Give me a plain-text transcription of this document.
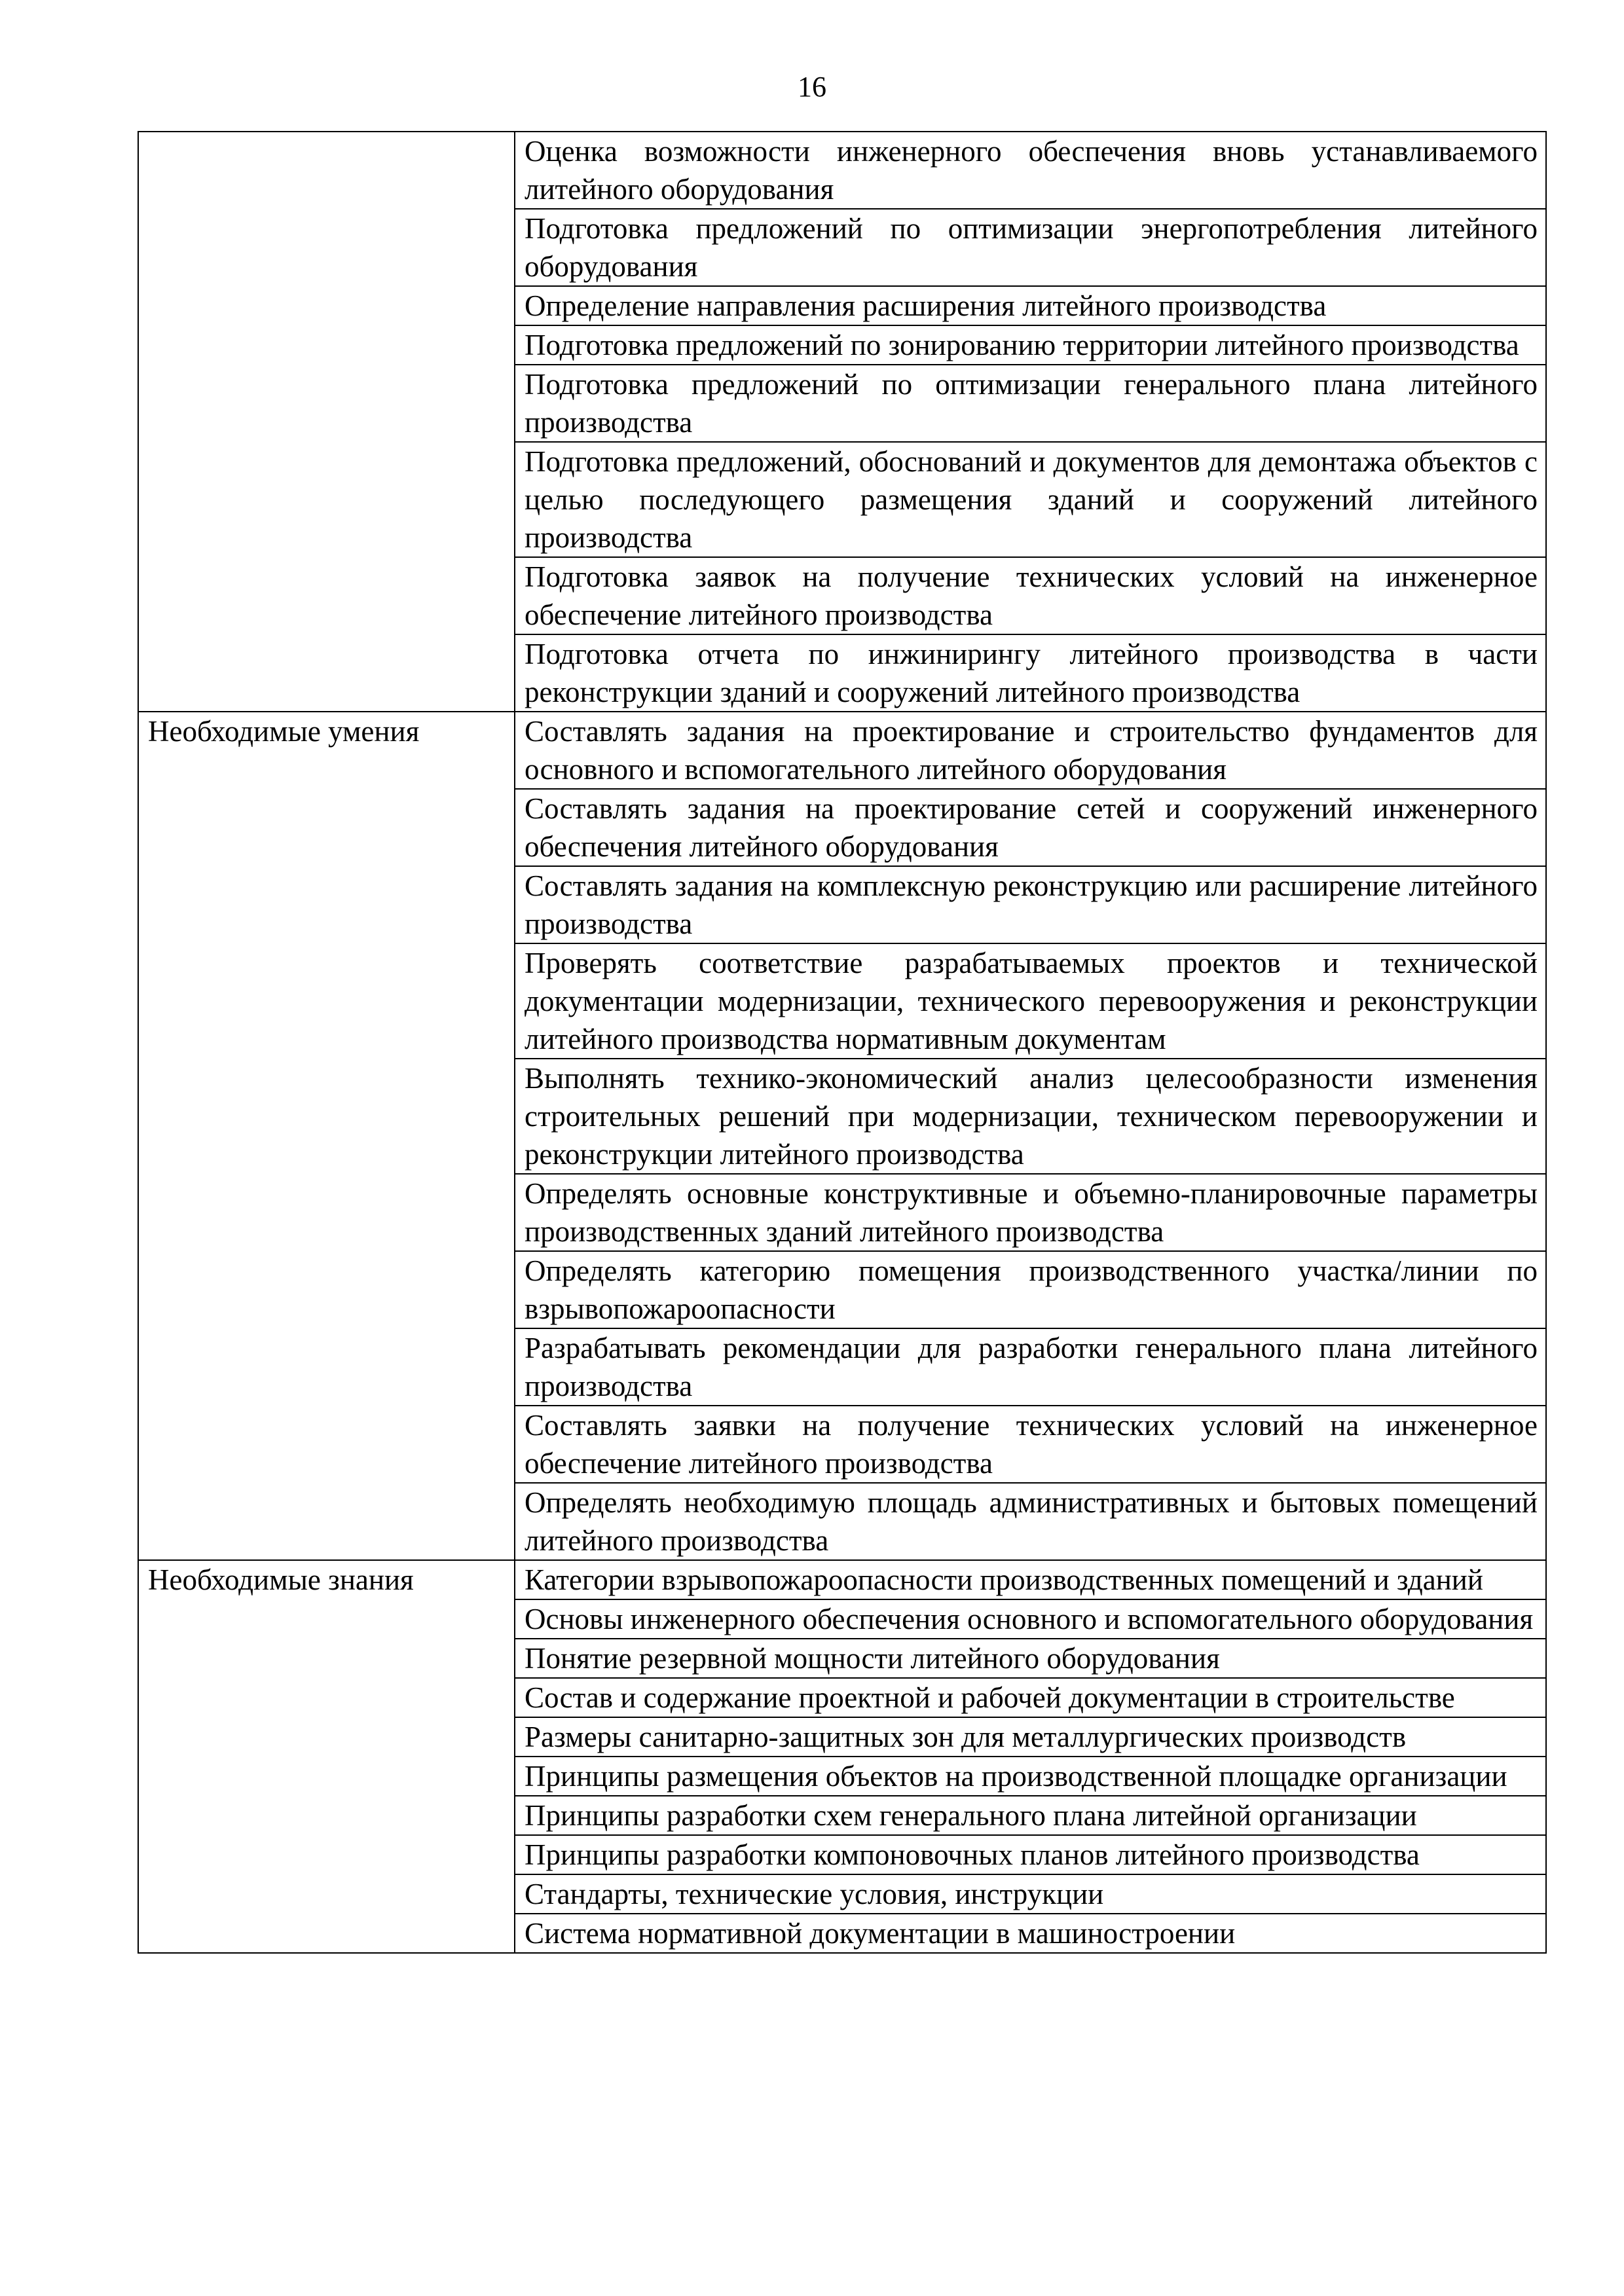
16
	Оценка возможности инженерного обеспечения вновь устанавливаемого литейного оборудования
	Подготовка предложений по оптимизации энергопотребления литейного оборудования
	Определение направления расширения литейного производства
	Подготовка предложений по зонированию территории литейного производства
	Подготовка предложений по оптимизации генерального плана литейного производства
	Подготовка предложений, обоснований и документов для демонтажа объектов с целью последующего размещения зданий и сооружений литейного производства
	Подготовка заявок на получение технических условий на инженерное обеспечение литейного производства
	Подготовка отчета по инжинирингу литейного производства в части реконструкции зданий и сооружений литейного производства
Необходимые умения	Составлять задания на проектирование и строительство фундаментов для основного и вспомогательного литейного оборудования
	Составлять задания на проектирование сетей и сооружений инженерного обеспечения литейного оборудования
	Составлять задания на комплексную реконструкцию или расширение литейного производства
	Проверять соответствие разрабатываемых проектов и технической документации модернизации, технического перевооружения и реконструкции литейного производства нормативным документам
	Выполнять технико-экономический анализ целесообразности изменения строительных решений при модернизации, техническом перевооружении и реконструкции литейного производства
	Определять основные конструктивные и объемно-планировочные параметры производственных зданий литейного производства
	Определять категорию помещения производственного участка/линии по взрывопожароопасности
	Разрабатывать рекомендации для разработки генерального плана литейного производства
	Составлять заявки на получение технических условий на инженерное обеспечение литейного производства
	Определять необходимую площадь административных и бытовых помещений литейного производства
Необходимые знания	Категории взрывопожароопасности производственных помещений и зданий
	Основы инженерного обеспечения основного и вспомогательного оборудования
	Понятие резервной мощности литейного оборудования
	Состав и содержание проектной и рабочей документации в строительстве
	Размеры санитарно-защитных зон для металлургических производств
	Принципы размещения объектов на производственной площадке организации
	Принципы разработки схем генерального плана литейной организации
	Принципы разработки компоновочных планов литейного производства
	Стандарты, технические условия, инструкции
	Система нормативной документации в машиностроении
